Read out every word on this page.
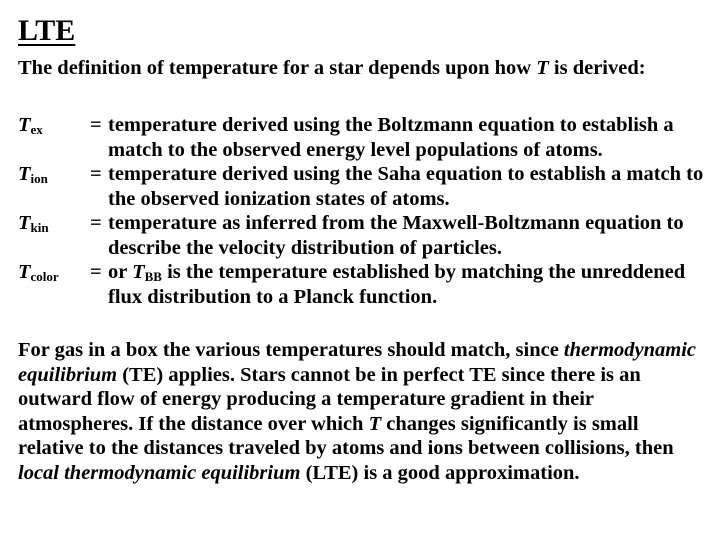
LTE
The definition of temperature for a star depends upon how T is derived:
$T_{ex}$	= temperature derived using the Boltzmann equation to establish a match to the observed energy level populations of atoms.
$T_{ion}$	= temperature derived using the Saha equation to establish a match to the observed ionization states of atoms.
$T_{kin}$	= temperature as inferred from the Maxwell-Boltzmann equation to describe the velocity distribution of particles.
$T_{color}$	= or $T_{BB}$ is the temperature established by matching the unreddened flux distribution to a Planck function.
For gas in a box the various temperatures should match, since thermodynamic equilibrium (TE) applies. Stars cannot be in perfect TE since there is an outward flow of energy producing a temperature gradient in their atmospheres. If the distance over which T changes significantly is small relative to the distances traveled by atoms and ions between collisions, then local thermodynamic equilibrium (LTE) is a good approximation.
